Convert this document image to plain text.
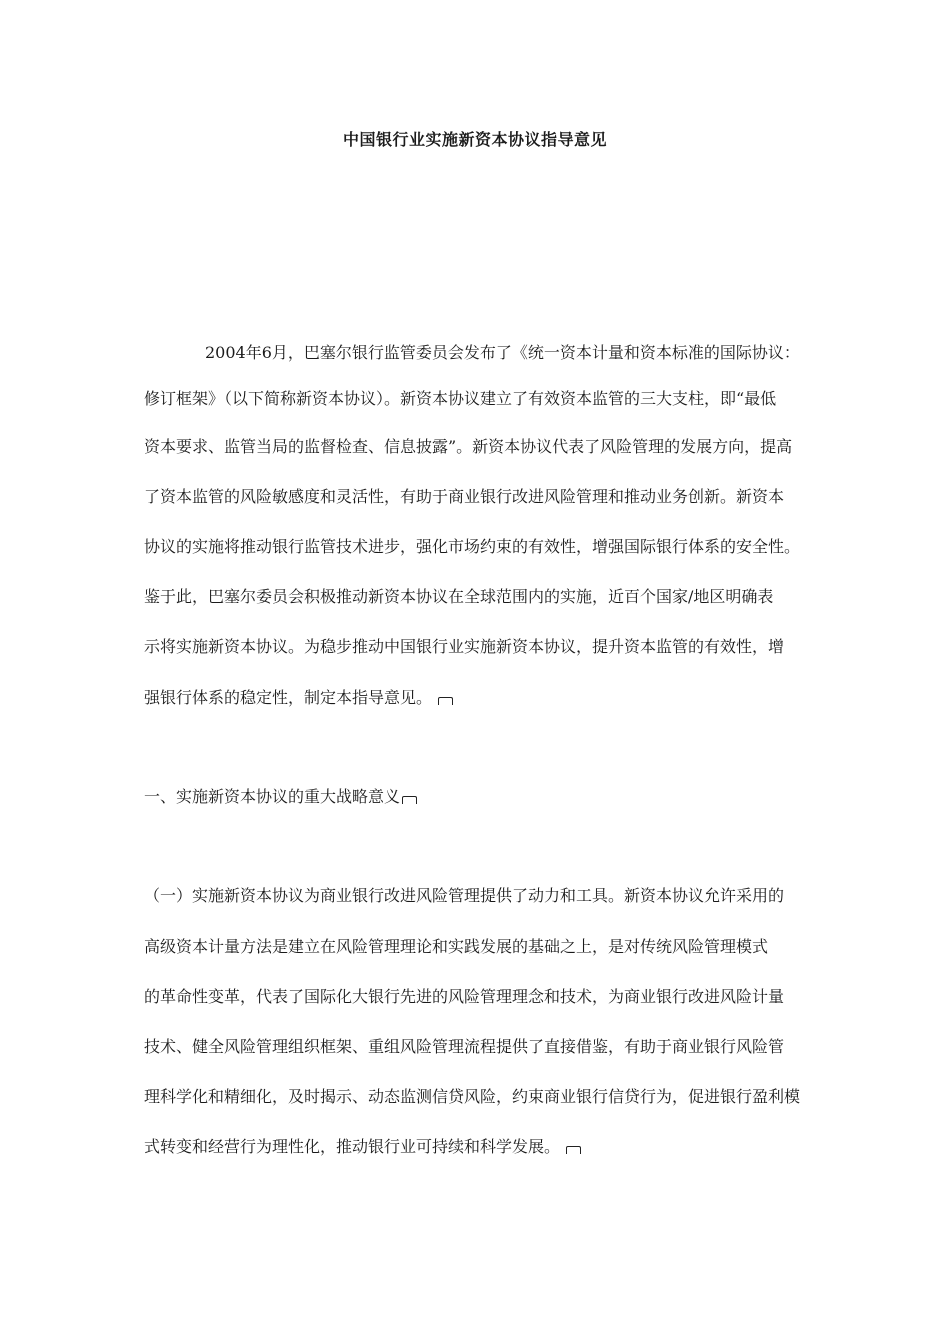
中国银行业实施新资本协议指导意见
2004年6月，巴塞尔银行监管委员会发布了《统一资本计量和资本标准的国际协议：
修订框架》（以下简称新资本协议）。新资本协议建立了有效资本监管的三大支柱，即“最低
资本要求、监管当局的监督检查、信息披露”。新资本协议代表了风险管理的发展方向，提高
了资本监管的风险敏感度和灵活性，有助于商业银行改进风险管理和推动业务创新。新资本
协议的实施将推动银行监管技术进步，强化市场约束的有效性，增强国际银行体系的安全性。
鉴于此，巴塞尔委员会积极推动新资本协议在全球范围内的实施，近百个国家/地区明确表
示将实施新资本协议。为稳步推动中国银行业实施新资本协议，提升资本监管的有效性，增
强银行体系的稳定性，制定本指导意见。
一、实施新资本协议的重大战略意义
（一）实施新资本协议为商业银行改进风险管理提供了动力和工具。新资本协议允许采用的
高级资本计量方法是建立在风险管理理论和实践发展的基础之上，是对传统风险管理模式
的革命性变革，代表了国际化大银行先进的风险管理理念和技术，为商业银行改进风险计量
技术、健全风险管理组织框架、重组风险管理流程提供了直接借鉴，有助于商业银行风险管
理科学化和精细化，及时揭示、动态监测信贷风险，约束商业银行信贷行为，促进银行盈利模
式转变和经营行为理性化，推动银行业可持续和科学发展。
